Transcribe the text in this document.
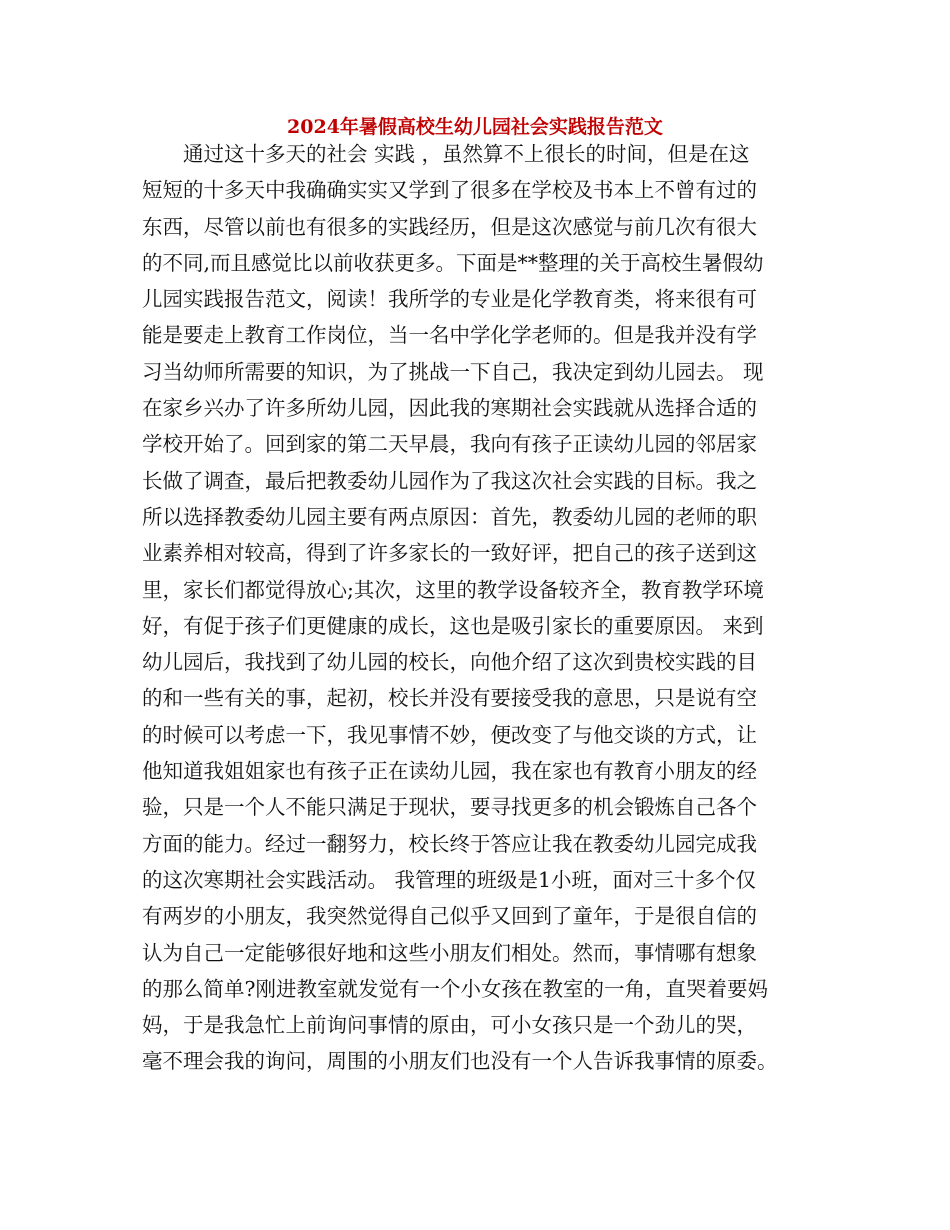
2024年暑假高校生幼儿园社会实践报告范文
　　通过这十多天的社会 实践 ，虽然算不上很长的时间，但是在这
短短的十多天中我确确实实又学到了很多在学校及书本上不曾有过的
东西，尽管以前也有很多的实践经历，但是这次感觉与前几次有很大
的不同,而且感觉比以前收获更多。下面是**整理的关于高校生暑假幼
儿园实践报告范文，阅读！我所学的专业是化学教育类，将来很有可
能是要走上教育工作岗位，当一名中学化学老师的。但是我并没有学
习当幼师所需要的知识，为了挑战一下自己，我决定到幼儿园去。 现
在家乡兴办了许多所幼儿园，因此我的寒期社会实践就从选择合适的
学校开始了。回到家的第二天早晨，我向有孩子正读幼儿园的邻居家
长做了调查，最后把教委幼儿园作为了我这次社会实践的目标。我之
所以选择教委幼儿园主要有两点原因：首先，教委幼儿园的老师的职
业素养相对较高，得到了许多家长的一致好评，把自己的孩子送到这
里，家长们都觉得放心;其次，这里的教学设备较齐全，教育教学环境
好，有促于孩子们更健康的成长，这也是吸引家长的重要原因。 来到
幼儿园后，我找到了幼儿园的校长，向他介绍了这次到贵校实践的目
的和一些有关的事，起初，校长并没有要接受我的意思，只是说有空
的时候可以考虑一下，我见事情不妙，便改变了与他交谈的方式，让
他知道我姐姐家也有孩子正在读幼儿园，我在家也有教育小朋友的经
验，只是一个人不能只满足于现状，要寻找更多的机会锻炼自己各个
方面的能力。经过一翻努力，校长终于答应让我在教委幼儿园完成我
的这次寒期社会实践活动。 我管理的班级是1小班，面对三十多个仅
有两岁的小朋友，我突然觉得自己似乎又回到了童年，于是很自信的
认为自己一定能够很好地和这些小朋友们相处。然而，事情哪有想象
的那么简单?刚进教室就发觉有一个小女孩在教室的一角，直哭着要妈
妈，于是我急忙上前询问事情的原由，可小女孩只是一个劲儿的哭，
毫不理会我的询问，周围的小朋友们也没有一个人告诉我事情的原委。
